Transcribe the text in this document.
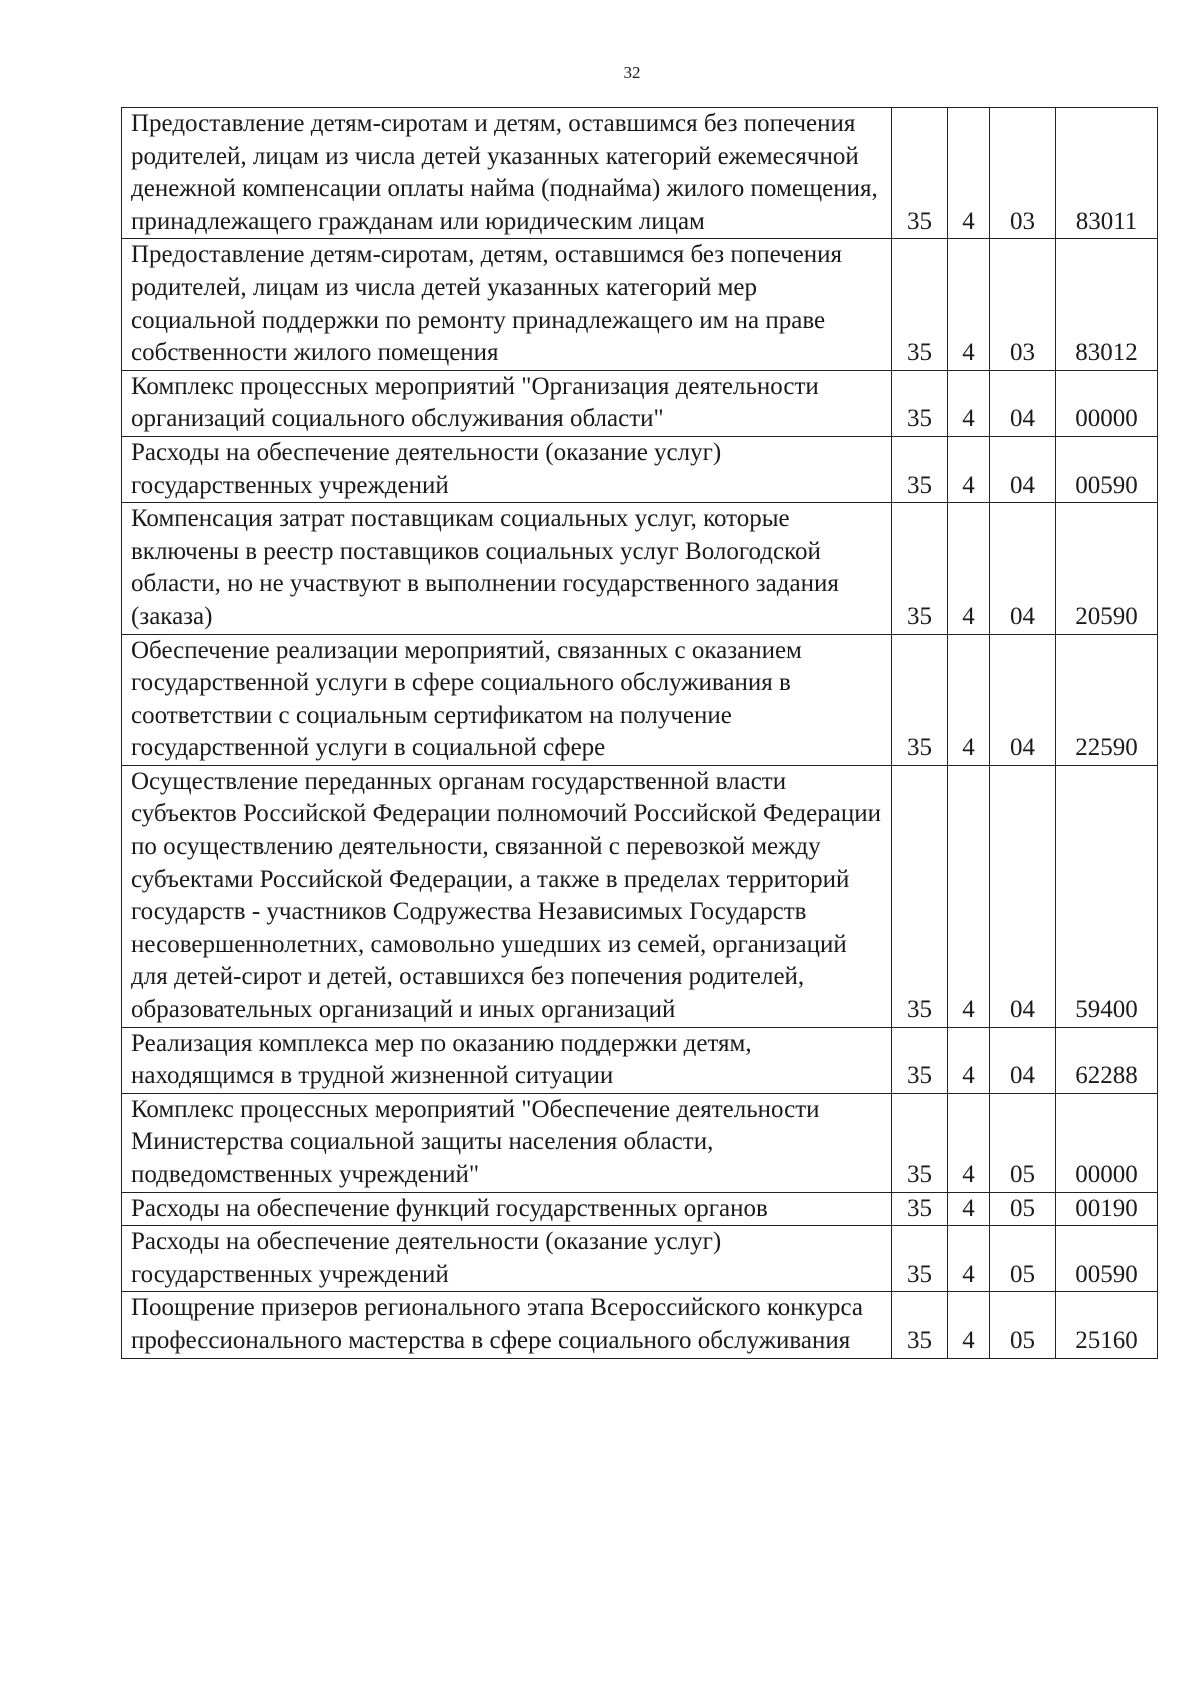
32
Предоставление детям-сиротам и детям, оставшимся без попечения родителей, лицам из числа детей указанных категорий ежемесячной денежной компенсации оплаты найма (поднайма) жилого помещения, принадлежащего гражданам или юридическим лицам	35	4	03	83011
Предоставление детям-сиротам, детям, оставшимся без попечения родителей, лицам из числа детей указанных категорий мер социальной поддержки по ремонту принадлежащего им на праве собственности жилого помещения	35	4	03	83012
Комплекс процессных мероприятий "Организация деятельности организаций социального обслуживания области"	35	4	04	00000
Расходы на обеспечение деятельности (оказание услуг) государственных учреждений	35	4	04	00590
Компенсация затрат поставщикам социальных услуг, которые включены в реестр поставщиков социальных услуг Вологодской области, но не участвуют в выполнении государственного задания (заказа)	35	4	04	20590
Обеспечение реализации мероприятий, связанных с оказанием государственной услуги в сфере социального обслуживания в соответствии с социальным сертификатом на получение государственной услуги в социальной сфере	35	4	04	22590
Осуществление переданных органам государственной власти субъектов Российской Федерации полномочий Российской Федерации по осуществлению деятельности, связанной с перевозкой между субъектами Российской Федерации, а также в пределах территорий государств - участников Содружества Независимых Государств несовершеннолетних, самовольно ушедших из семей, организаций для детей-сирот и детей, оставшихся без попечения родителей, образовательных организаций и иных организаций	35	4	04	59400
Реализация комплекса мер по оказанию поддержки детям, находящимся в трудной жизненной ситуации	35	4	04	62288
Комплекс процессных мероприятий "Обеспечение деятельности Министерства социальной защиты населения области, подведомственных учреждений"	35	4	05	00000
Расходы на обеспечение функций государственных органов	35	4	05	00190
Расходы на обеспечение деятельности (оказание услуг) государственных учреждений	35	4	05	00590
Поощрение призеров регионального этапа Всероссийского конкурса профессионального мастерства в сфере социального обслуживания	35	4	05	25160
